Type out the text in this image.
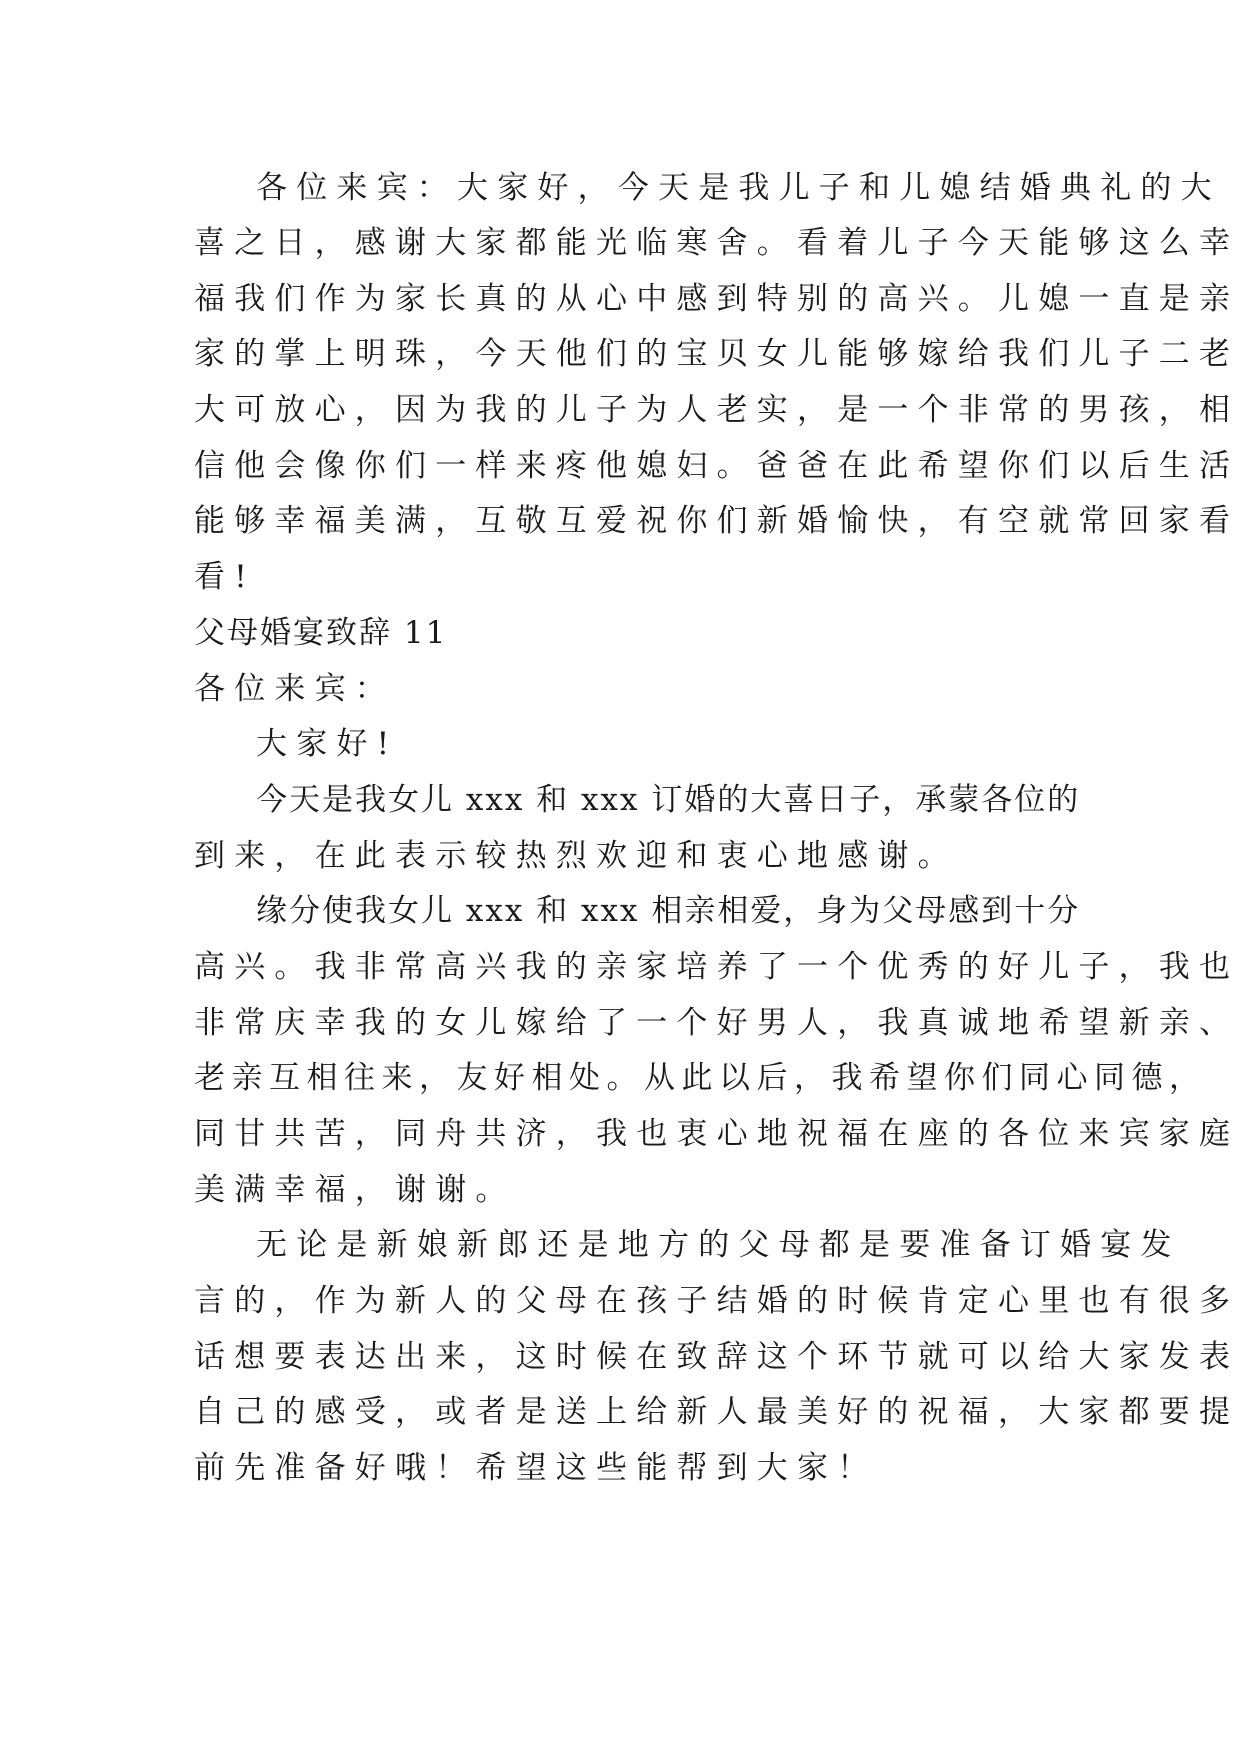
各位来宾：大家好，今天是我儿子和儿媳结婚典礼的大
喜之日，感谢大家都能光临寒舍。看着儿子今天能够这么幸
福我们作为家长真的从心中感到特别的高兴。儿媳一直是亲
家的掌上明珠，今天他们的宝贝女儿能够嫁给我们儿子二老
大可放心，因为我的儿子为人老实，是一个非常的男孩，相
信他会像你们一样来疼他媳妇。爸爸在此希望你们以后生活
能够幸福美满，互敬互爱祝你们新婚愉快，有空就常回家看
看!
父母婚宴致辞 11
各位来宾：
大家好!
今天是我女儿 xxx 和 xxx 订婚的大喜日子，承蒙各位的
到来，在此表示较热烈欢迎和衷心地感谢。
缘分使我女儿 xxx 和 xxx 相亲相爱，身为父母感到十分
高兴。我非常高兴我的亲家培养了一个优秀的好儿子，我也
非常庆幸我的女儿嫁给了一个好男人，我真诚地希望新亲、
老亲互相往来，友好相处。从此以后，我希望你们同心同德，
同甘共苦，同舟共济，我也衷心地祝福在座的各位来宾家庭
美满幸福，谢谢。
无论是新娘新郎还是地方的父母都是要准备订婚宴发
言的，作为新人的父母在孩子结婚的时候肯定心里也有很多
话想要表达出来，这时候在致辞这个环节就可以给大家发表
自己的感受，或者是送上给新人最美好的祝福，大家都要提
前先准备好哦！希望这些能帮到大家！
